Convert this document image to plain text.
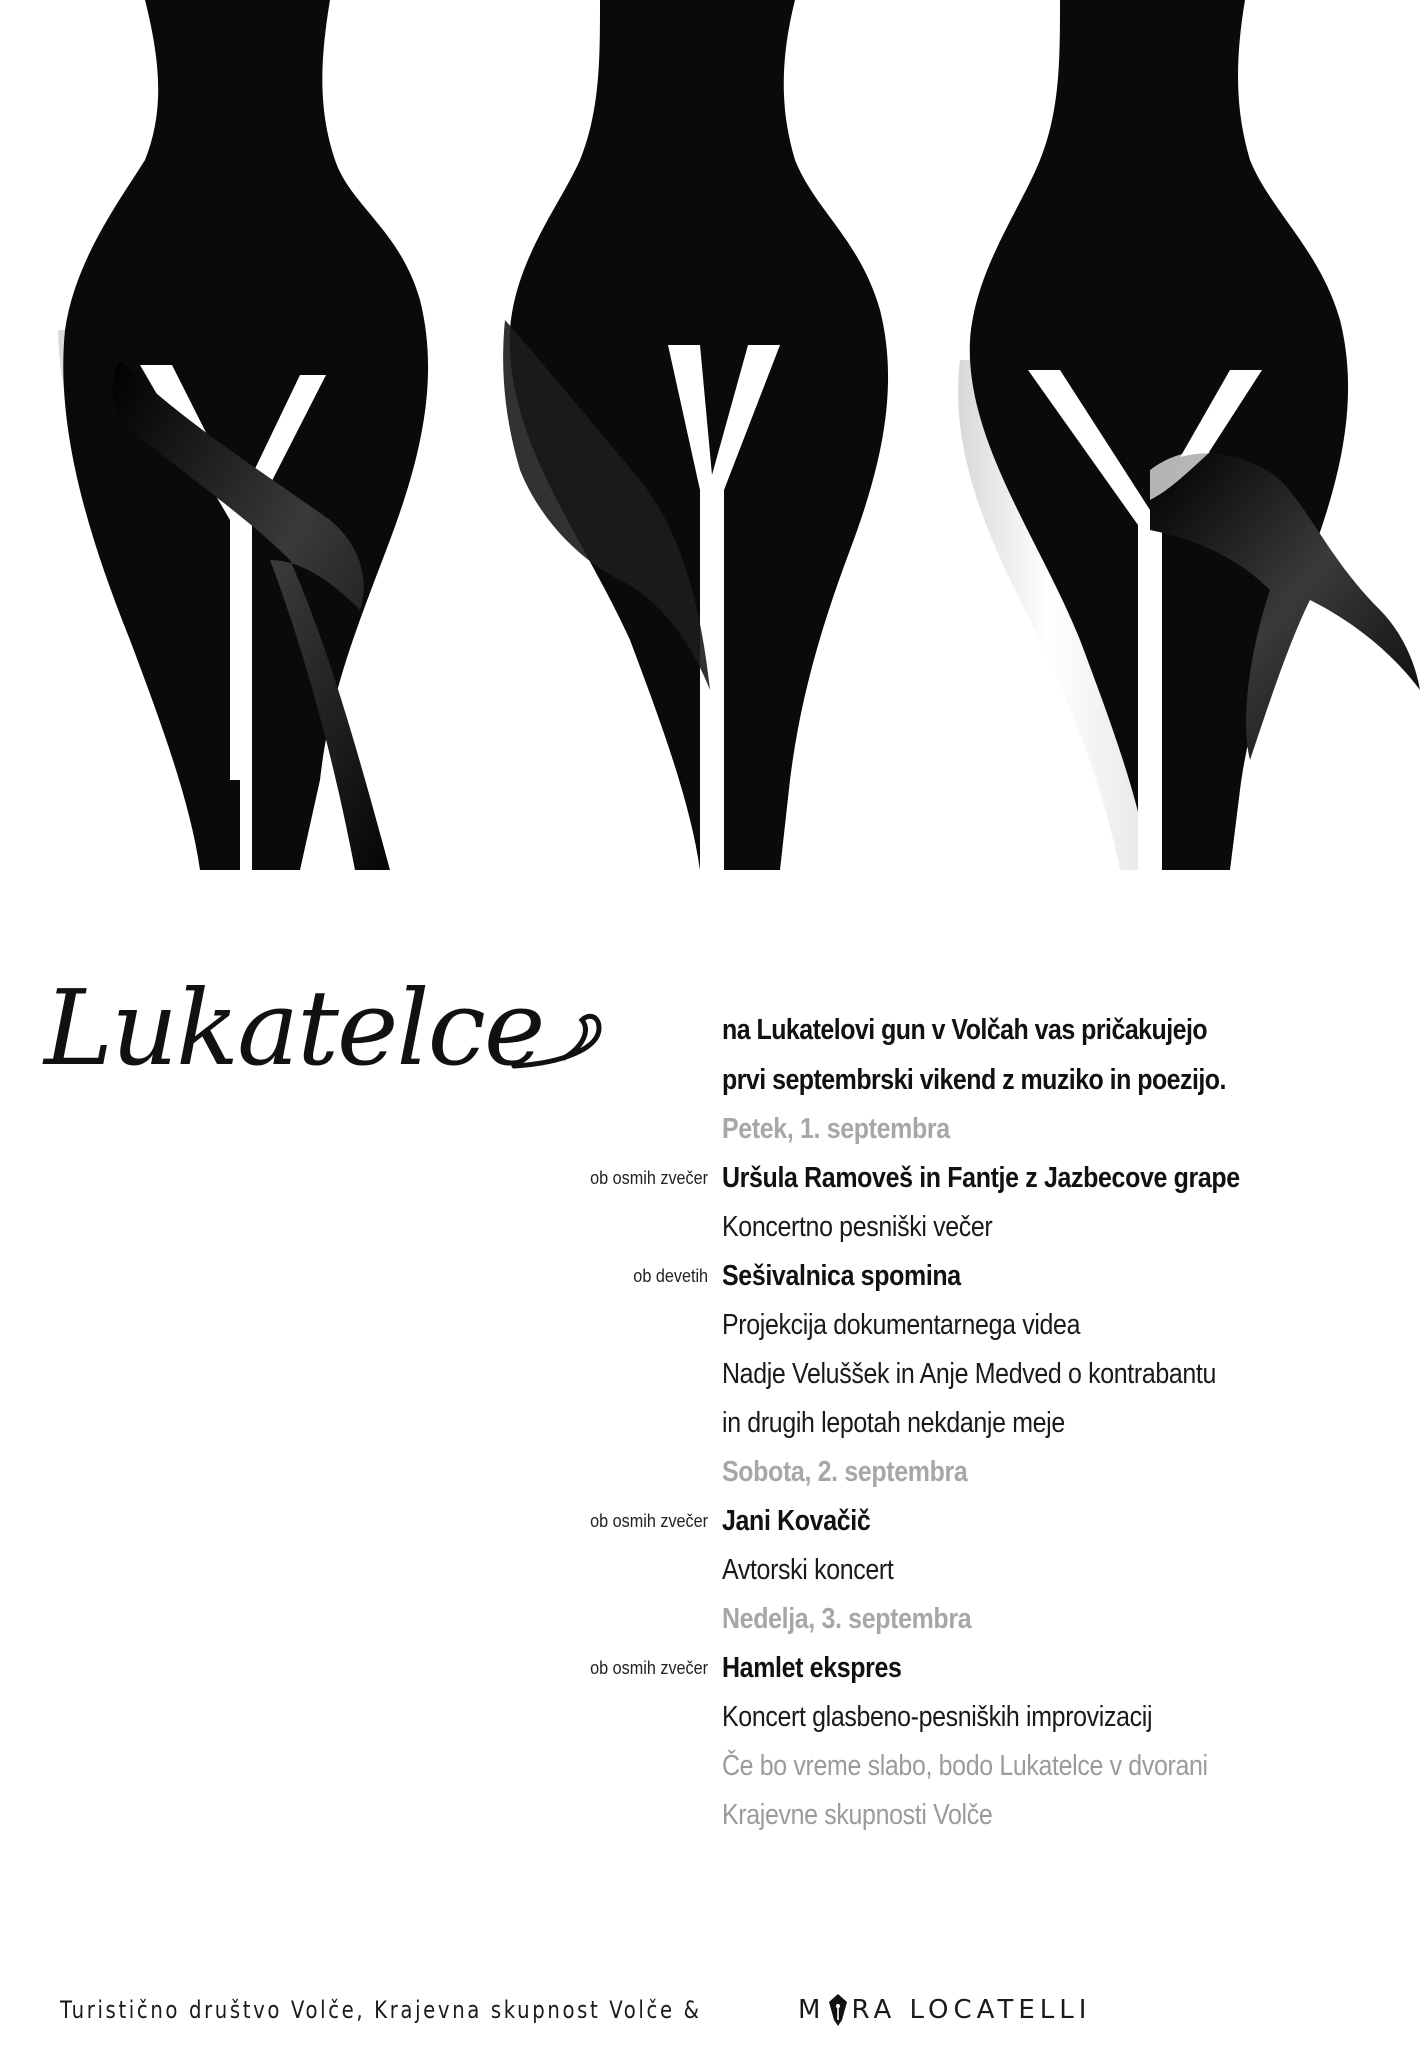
Lukatelce	na Lukatelovi gun v Volčah vas pričakujejo
prvi septembrski vikend z muziko in poezijo.
Petek, 1. septembra
ob osmih zvečer Uršula Ramoveš in Fantje z Jazbecove grape
Koncertno pesniški večer
ob devetih Sešivalnica spomina
Projekcija dokumentarnega videa
Nadje Veluššek in Anje Medved o kontrabantu
in drugih lepotah nekdanje meje
Sobota, 2. septembra
ob osmih zvečer Jani Kovačič
Avtorski koncert
Nedelja, 3. septembra
ob osmih zvečer Hamlet ekspres
Koncert glasbeno-pesniških improvizacij
Če bo vreme slabo, bodo Lukatelce v dvorani
Krajevne skupnosti Volče
Turistično društvo Volče, Krajevna skupnost Volče &	M RA LOCATELLI
